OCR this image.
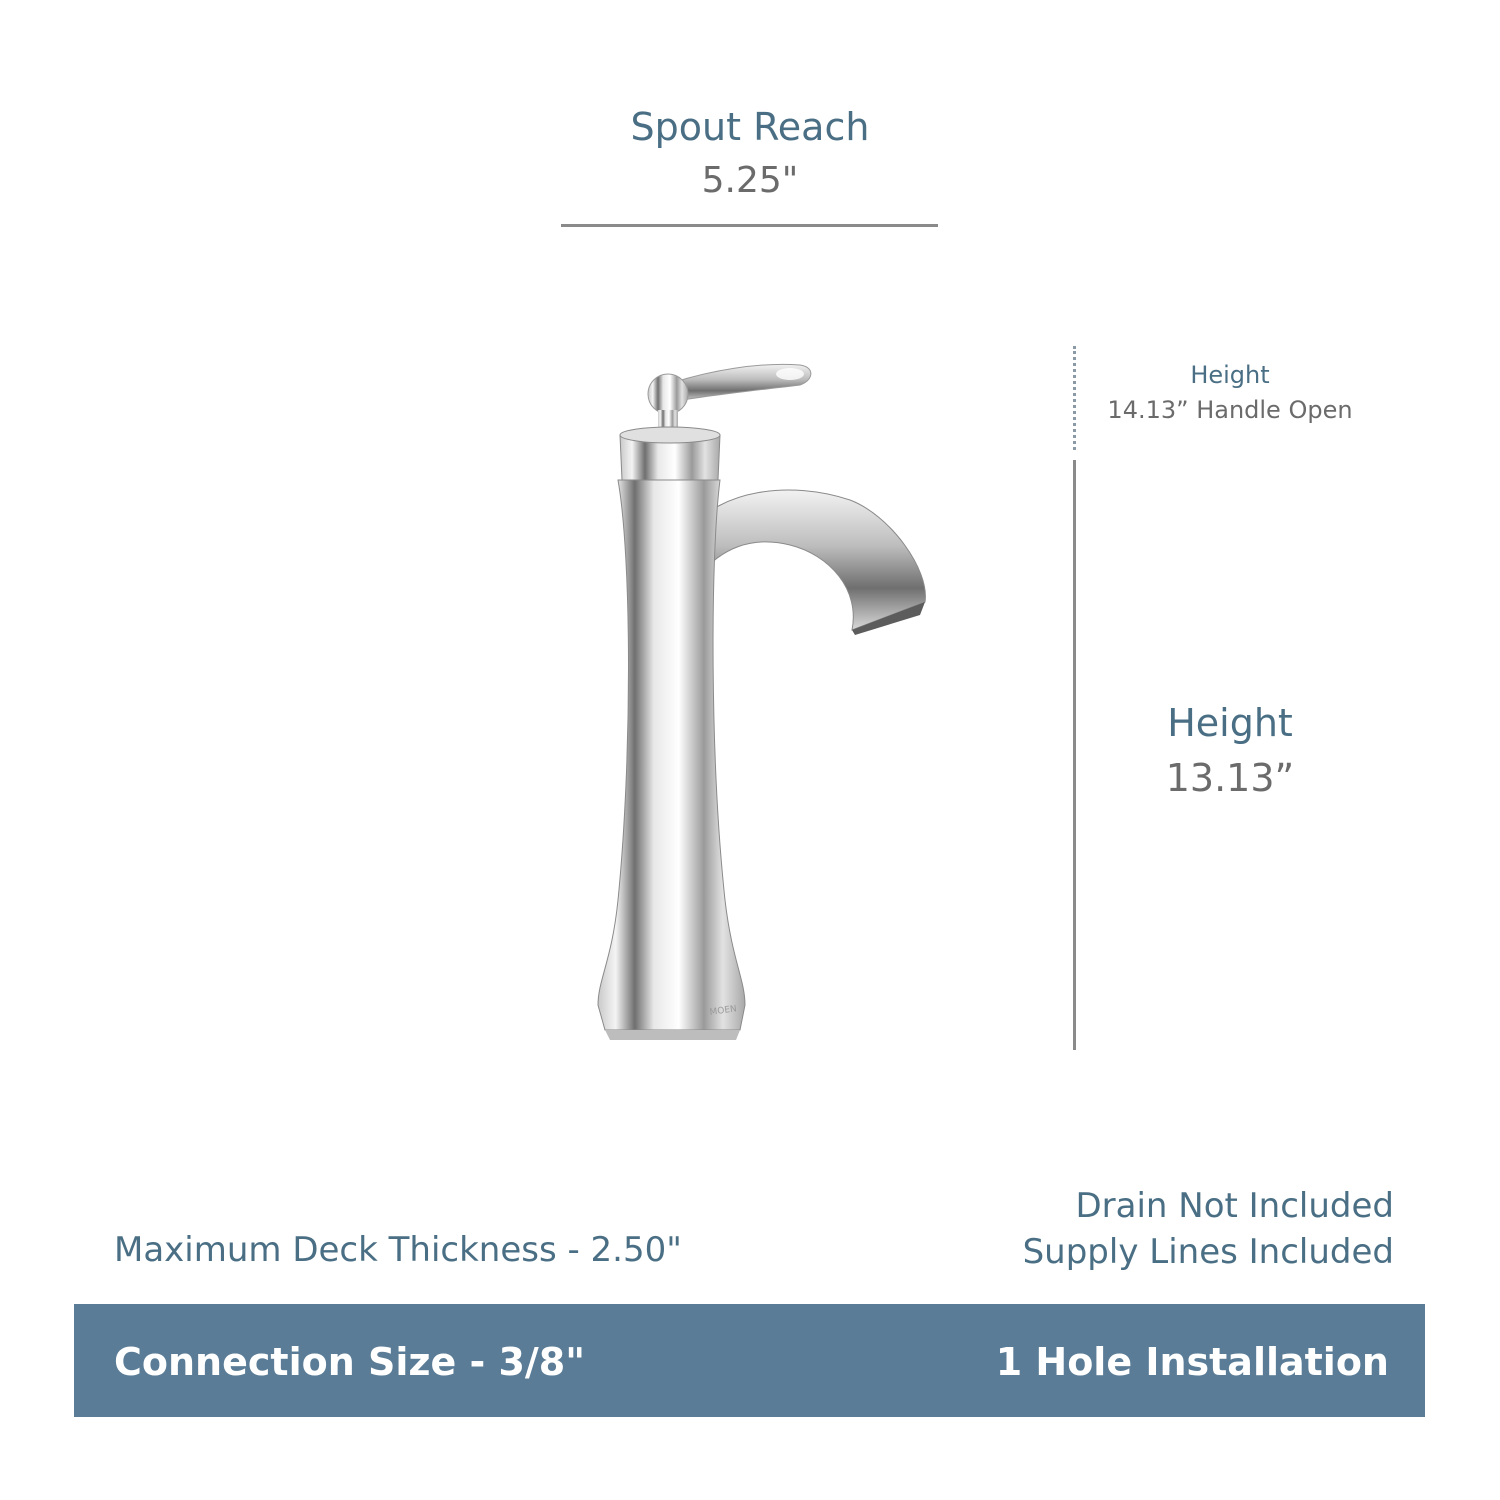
Spout Reach
5.25"
Height
14.13” Handle Open
Height
13.13”
MOEN
Maximum Deck Thickness - 2.50"
Drain Not Included
Supply Lines Included
Connection Size - 3/8"	1 Hole Installation
